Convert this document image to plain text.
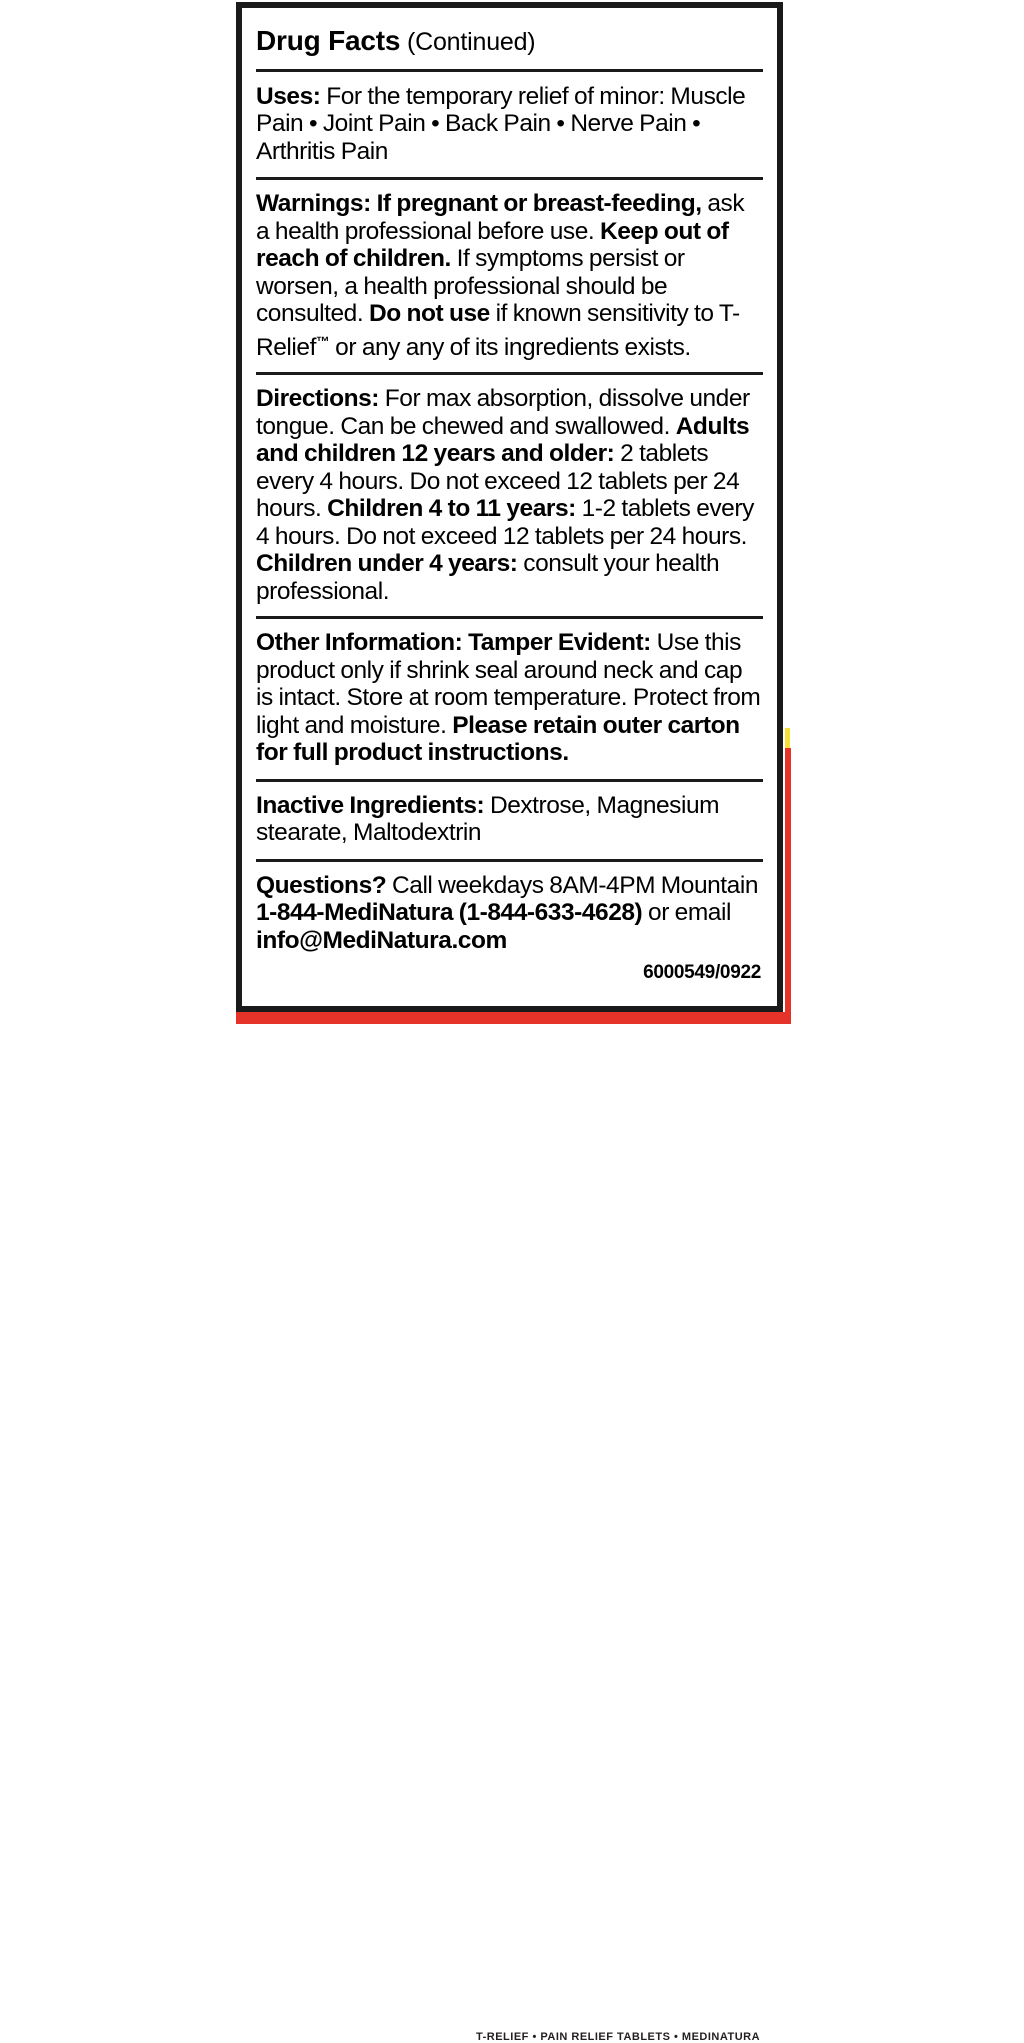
T-RELIEF • PAIN RELIEF TABLETS • MEDINATURA
Drug Facts (Continued)
Uses: For the temporary relief of minor: Muscle Pain • Joint Pain • Back Pain • Nerve Pain • Arthritis Pain
Warnings: If pregnant or breast-feeding, ask a health professional before use. Keep out of reach of children. If symptoms persist or worsen, a health professional should be consulted. Do not use if known sensitivity to T-Relief™ or any any of its ingredients exists.
Directions: For max absorption, dissolve under tongue. Can be chewed and swallowed. Adults and children 12 years and older: 2 tablets every 4 hours. Do not exceed 12 tablets per 24 hours. Children 4 to 11 years: 1-2 tablets every 4 hours. Do not exceed 12 tablets per 24 hours. Children under 4 years: consult your health professional.
Other Information: Tamper Evident: Use this product only if shrink seal around neck and cap is intact. Store at room temperature. Protect from light and moisture. Please retain outer carton for full product instructions.
Inactive Ingredients: Dextrose, Magnesium stearate, Maltodextrin
Questions? Call weekdays 8AM-4PM Mountain 1-844-MediNatura (1-844-633-4628) or email info@MediNatura.com
6000549/0922
